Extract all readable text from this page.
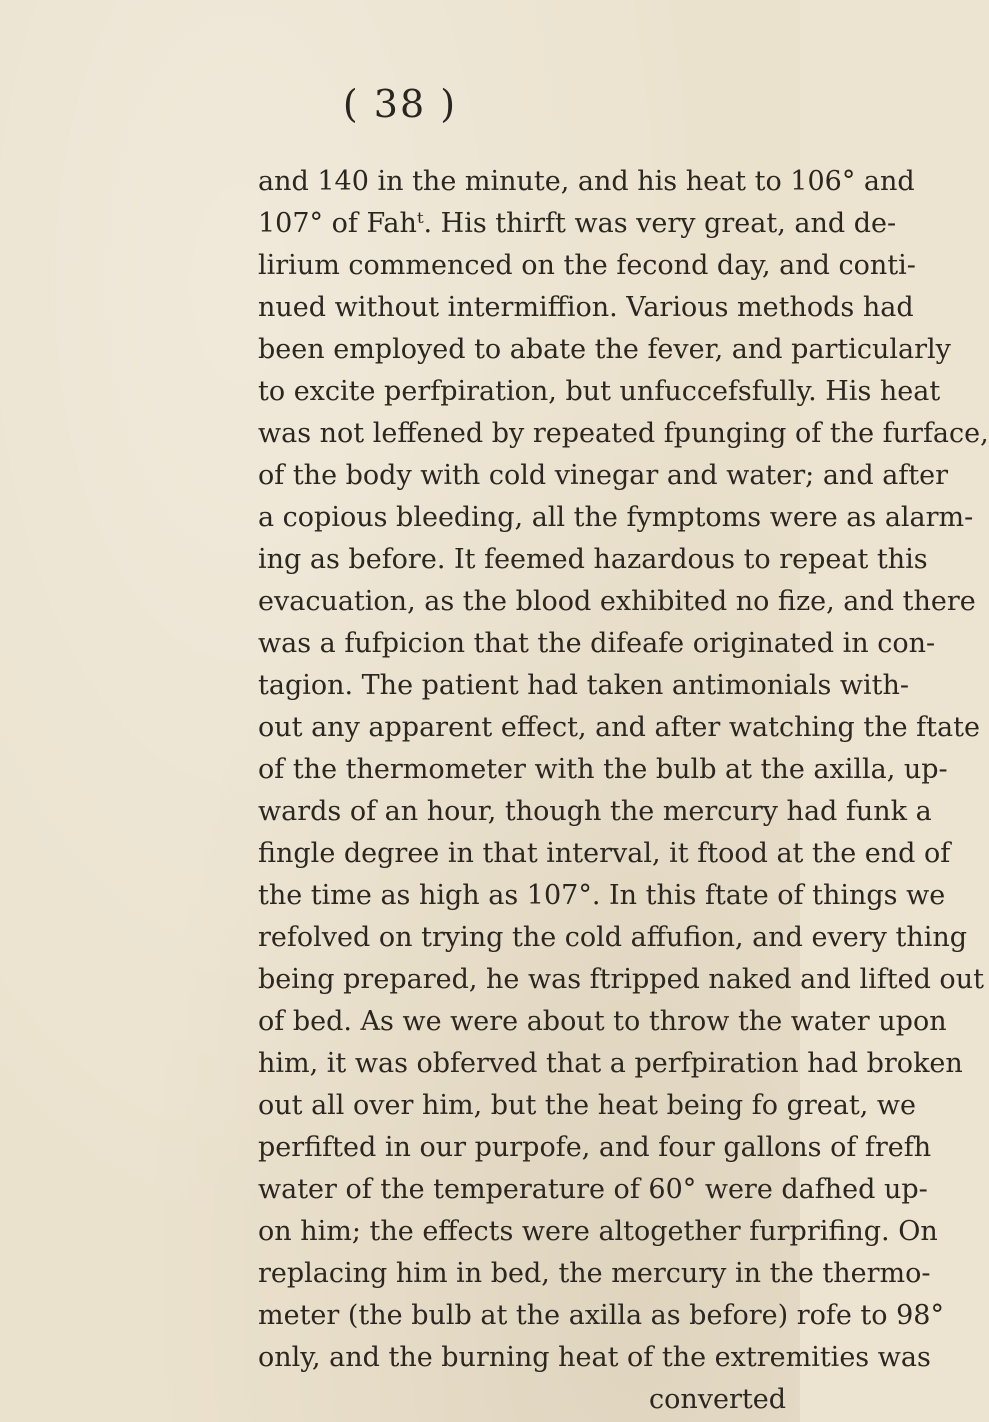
( 38 )
and 140 in the minute, and his heat to 106° and
107° of Fahᵗ. His thirft was very great, and de-
lirium commenced on the fecond day, and conti-
nued without intermiffion. Various methods had
been employed to abate the fever, and particularly
to excite perfpiration, but unfuccefsfully. His heat
was not leffened by repeated fpunging of the furface,
of the body with cold vinegar and water; and after
a copious bleeding, all the fymptoms were as alarm-
ing as before. It feemed hazardous to repeat this
evacuation, as the blood exhibited no fize, and there
was a fufpicion that the difeafe originated in con-
tagion. The patient had taken antimonials with-
out any apparent effect, and after watching the ftate
of the thermometer with the bulb at the axilla, up-
wards of an hour, though the mercury had funk a
fingle degree in that interval, it ftood at the end of
the time as high as 107°. In this ftate of things we
refolved on trying the cold affufion, and every thing
being prepared, he was ftripped naked and lifted out
of bed. As we were about to throw the water upon
him, it was obferved that a perfpiration had broken
out all over him, but the heat being fo great, we
perfifted in our purpofe, and four gallons of frefh
water of the temperature of 60° were dafhed up-
on him; the effects were altogether furprifing. On
replacing him in bed, the mercury in the thermo-
meter (the bulb at the axilla as before) rofe to 98°
only, and the burning heat of the extremities was
converted
